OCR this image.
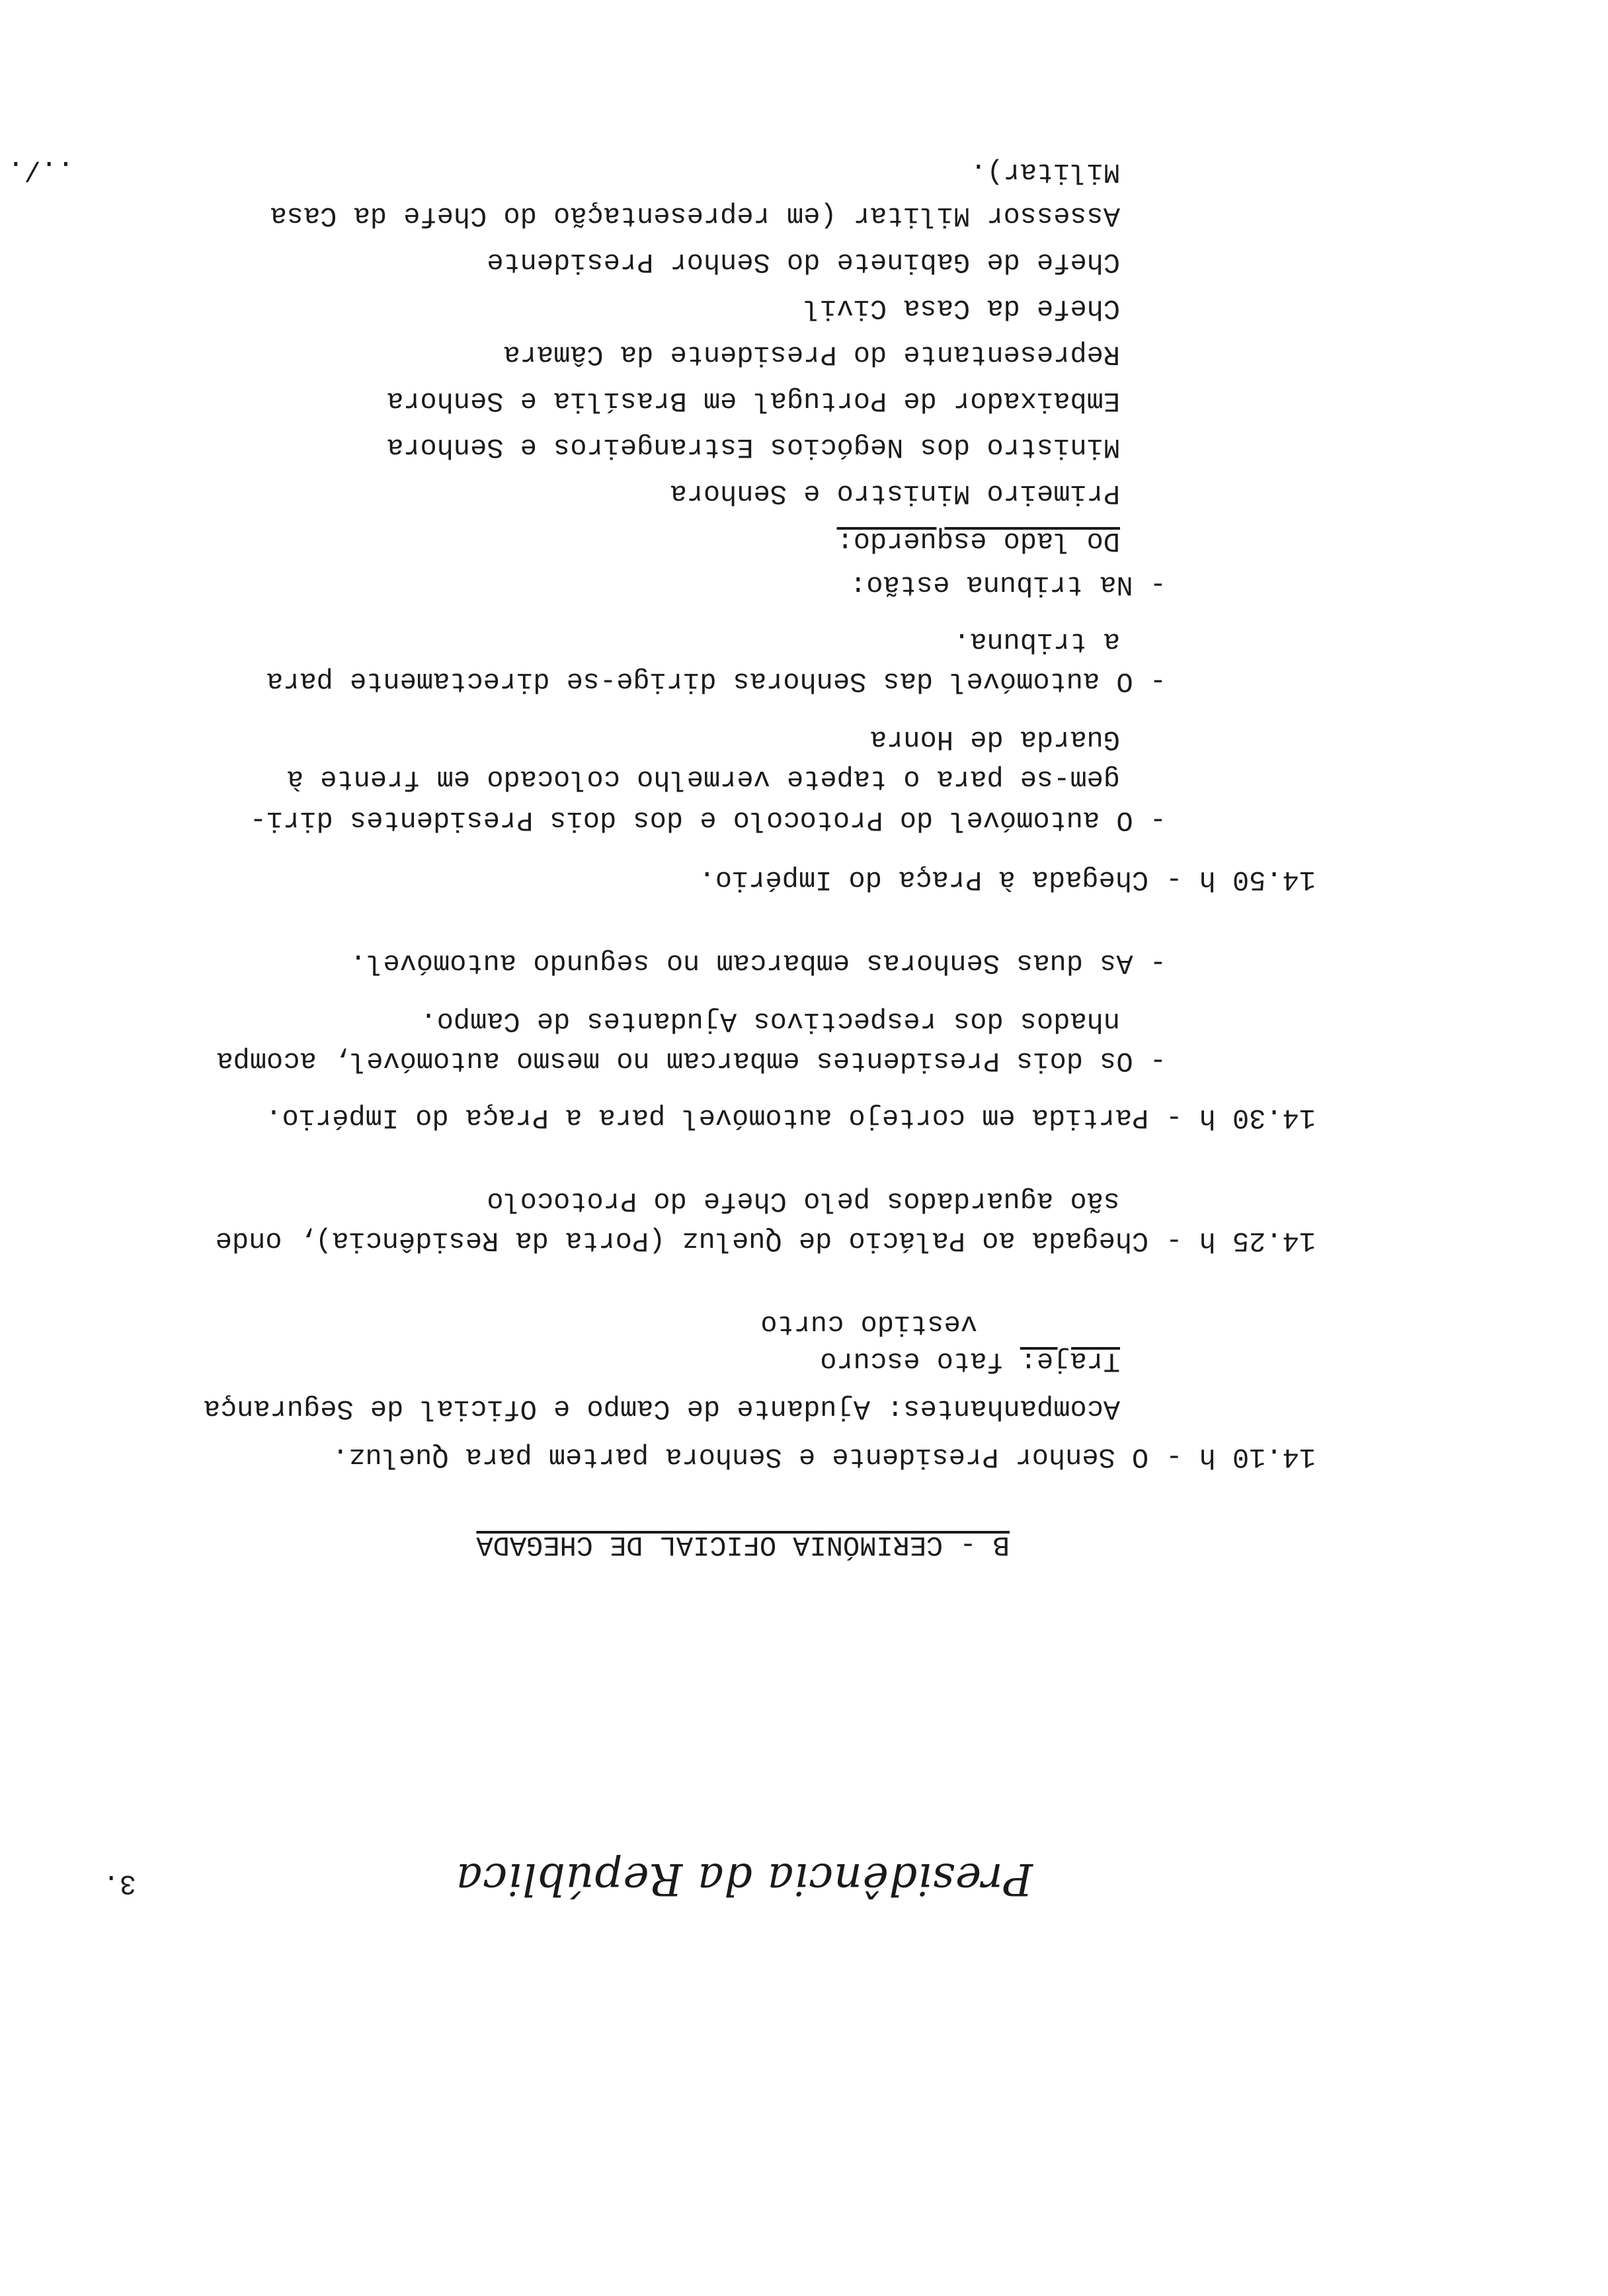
Presidência da República
3.
B - CERIMÓNIA OFICIAL DE CHEGADA
14.10 h -O Senhor Presidente e Senhora partem para Queluz.
Acompanhantes: Ajudante de Campo e Oficial de Segurança
Traje: fato escuro
vestido curto
14.25 h -Chegada ao Palácio de Queluz (Porta da Residência), onde
são aguardados pelo Chefe do Protocolo
14.30 h -Partida em cortejo automóvel para a Praça do Império.
- Os dois Presidentes embarcam no mesmo automóvel, acompa
nhados dos respectivos Ajudantes de Campo.
- As duas Senhoras embarcam no segundo automóvel.
14.50 h -Chegada à Praça do Império.
- O automóvel do Protocolo e dos dois Presidentes diri-
gem-se para o tapete vermelho colocado em frente à
Guarda de Honra
- O automóvel das Senhoras dirige-se directamente para
a tribuna.
- Na tribuna estão:
Do lado esquerdo:
Primeiro Ministro e Senhora
Ministro dos Negócios Estrangeiros e Senhora
Embaixador de Portugal em Brasília e Senhora
Representante do Presidente da Câmara
Chefe da Casa Civil
Chefe de Gabinete do Senhor Presidente
Assessor Militar (em representação do Chefe da Casa
Militar).
../.
